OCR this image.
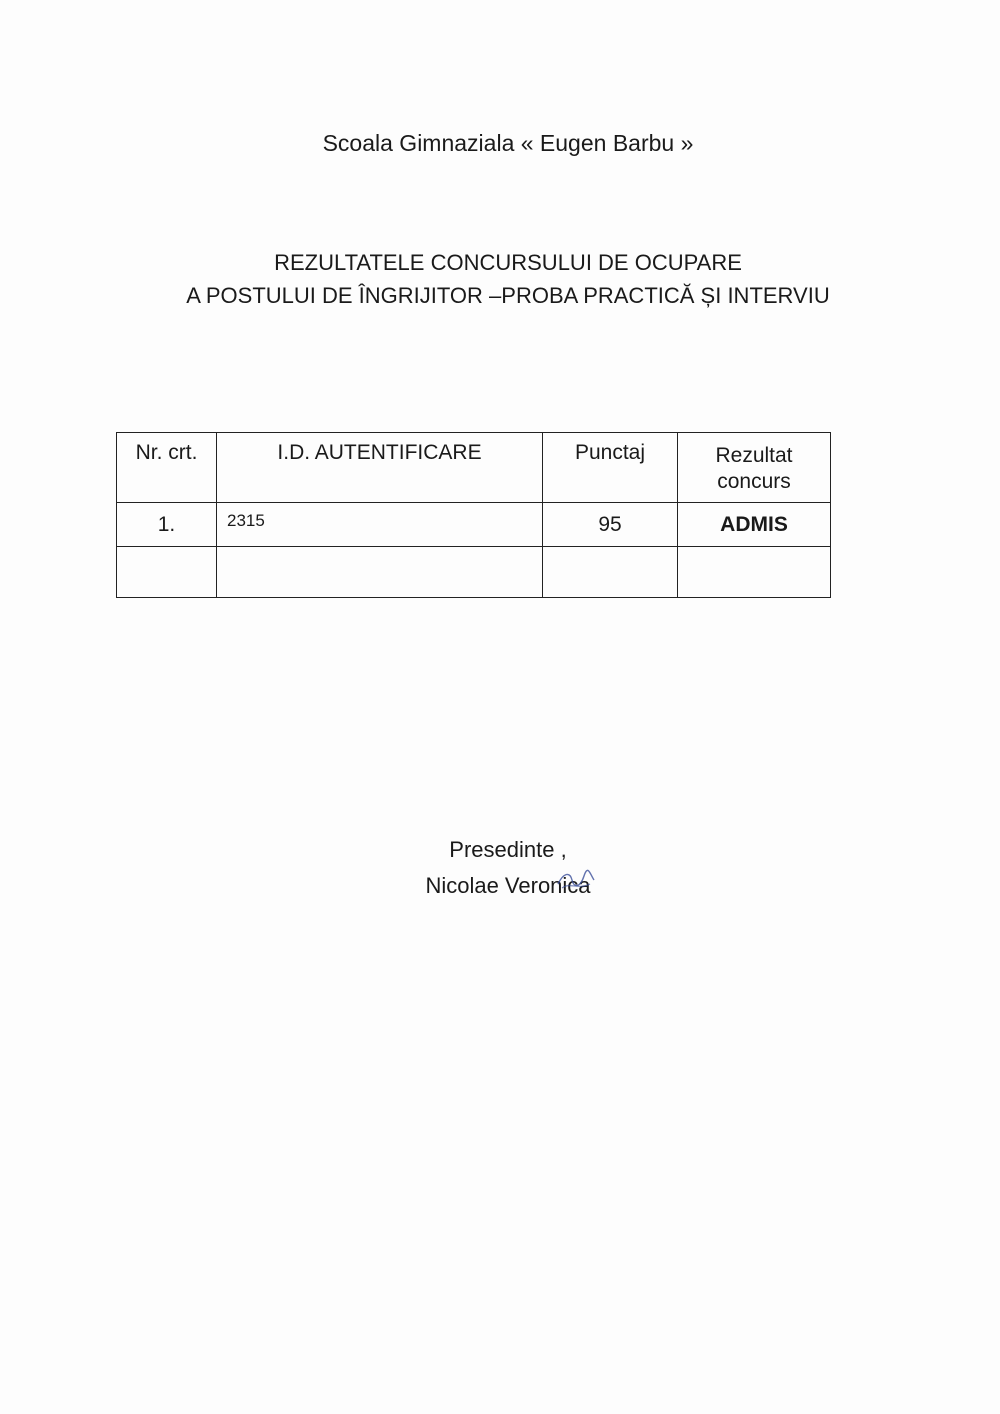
Scoala Gimnaziala « Eugen Barbu »
REZULTATELE CONCURSULUI DE OCUPARE
A POSTULUI DE ÎNGRIJITOR –PROBA PRACTICĂ ȘI INTERVIU
Nr. crt.	I.D. AUTENTIFICARE	Punctaj	Rezultat
concurs

1.	2315	95	ADMIS

Presedinte ,
Nicolae Veronica
